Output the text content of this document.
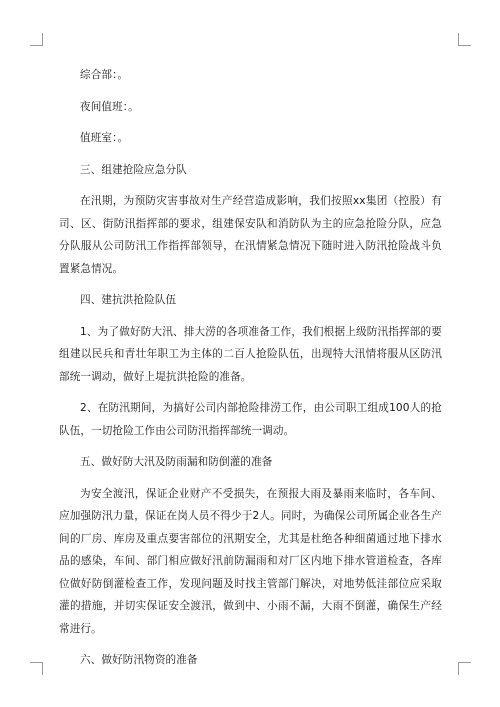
综合部：。
夜间值班：。
值班室：。
三、组建抢险应急分队
在汛期，为预防灾害事故对生产经营造成影响，我们按照xx集团（控股）有
司、区、街防汛指挥部的要求，组建保安队和消防队为主的应急抢险分队，应急
分队服从公司防汛工作指挥部领导，在汛情紧急情况下随时进入防汛抢险战斗负
置紧急情况。
四、建抗洪抢险队伍
1、为了做好防大汛、排大涝的各项准备工作，我们根据上级防汛指挥部的要
组建以民兵和青壮年职工为主体的二百人抢险队伍，出现特大汛情将服从区防汛
部统一调动，做好上堤抗洪抢险的准备。
2、在防汛期间，为搞好公司内部抢险排涝工作，由公司职工组成100人的抢
队伍，一切抢险工作由公司防汛指挥部统一调动。
五、做好防大汛及防雨漏和防倒灌的准备
为安全渡汛，保证企业财产不受损失，在预报大雨及暴雨来临时，各车间、
应加强防汛力量，保证在岗人员不得少于2人。同时，为确保公司所属企业各生产
间的厂房、库房及重点要害部位的汛期安全，尤其是杜绝各种细菌通过地下排水
品的感染，车间、部门相应做好汛前防漏雨和对厂区内地下排水管道检查，各库
位做好防倒灌检查工作，发现问题及时找主管部门解决，对地势低洼部位应采取
灌的措施，并切实保证安全渡汛，做到中、小雨不漏，大雨不倒灌，确保生产经
常进行。
六、做好防汛物资的准备
